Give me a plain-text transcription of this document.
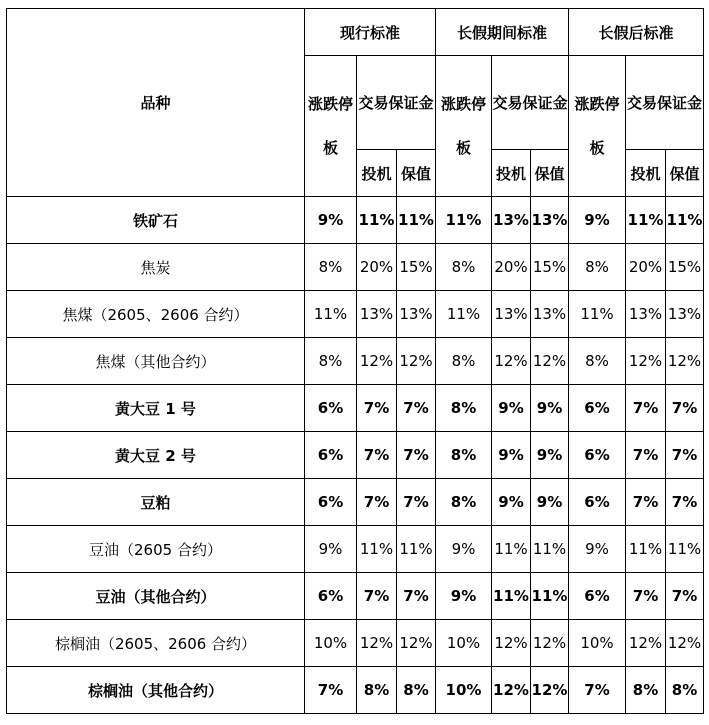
品种	现行标准			长假期间标准			长假后标准		
	涨跌停板	交易保证金		涨跌停板	交易保证金		涨跌停板	交易保证金	
		投机	保值		投机	保值		投机	保值
铁矿石	9%	11%	11%	11%	13%	13%	9%	11%	11%
焦炭	8%	20%	15%	8%	20%	15%	8%	20%	15%
焦煤（2605、2606 合约）	11%	13%	13%	11%	13%	13%	11%	13%	13%
焦煤（其他合约）	8%	12%	12%	8%	12%	12%	8%	12%	12%
黄大豆 1 号	6%	7%	7%	8%	9%	9%	6%	7%	7%
黄大豆 2 号	6%	7%	7%	8%	9%	9%	6%	7%	7%
豆粕	6%	7%	7%	8%	9%	9%	6%	7%	7%
豆油（2605 合约）	9%	11%	11%	9%	11%	11%	9%	11%	11%
豆油（其他合约）	6%	7%	7%	9%	11%	11%	6%	7%	7%
棕榈油（2605、2606 合约）	10%	12%	12%	10%	12%	12%	10%	12%	12%
棕榈油（其他合约）	7%	8%	8%	10%	12%	12%	7%	8%	8%
